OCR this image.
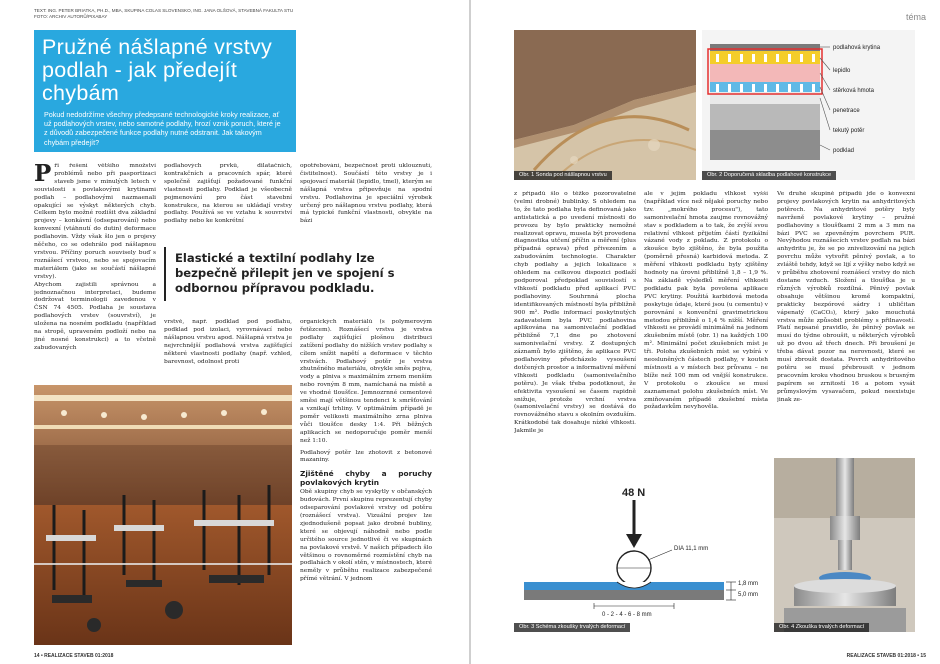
TEXT: ING. PETER BRIATKA, PH.D., MBA, SKUPINA COLAS SLOVENSKO, ING. JANA OLŠOVÁ, STAVEBNÁ FAKULTA STU
FOTO: ARCHIV AUTORŮ/PIXABAY
Pružné nášlapné vrstvy podlah - jak předejít chybám

Pokud nedodržíme všechny předepsané technologické kroky realizace, ať už podlahových vrstev, nebo samotné podlahy, hrozí vznik poruch, které je z důvodů zabezpečené funkce podlahy nutné odstranit. Jak takovým chybám předejít?

Při řešení většího množství problémů nebo při pasportizaci staveb jsme v minulých letech v souvislosti s povlakovými krytinami podlah – podlahovými nazmaenali opakující se výskyt některých chyb. Celkem bylo možné rozlišit dva základní projevy – konkávní (odseparování) nebo konvexní (vtáhnutí do dutin) deformace podlahovin. Vždy však šlo jen o projevy něčeho, co se odehrálo pod nášlapnou vrstvou. Příčiny poruch souvisely buď s roznášecí vrstvou, nebo se spojovacím materiálem (jako se součástí nášlapné vrstvy).
Abychom zajistili správnou a jednoznačnou interpretaci, budeme dodržovat terminologii zavedenou v ČSN 74 4505. Podlaha je soustava podlahových vrstev (souvrství), je uložena na nosném podkladu (například na stropě, upraveném podloží nebo na jiné nosné konstrukci) a to včetně zabudovaných
podlahových prvků, dilatačních, kontrakčních a pracovních spár, které společně zajišťují požadované funkční vlastnosti podlahy. Podklad je všeobecně pojmenování pro část stavební konstrukce, na kterou se ukládají vrstvy podlahy. Používá se ve vztahu k souvrství podlahy nebo ke konkrétní
opotřebování, bezpečnost proti uklouznutí, čistitelnost). Součástí této vrstvy je i spojovací materiál (lepidlo, tmel), kterým se nášlapná vrstva připevňuje na spodní vrstvu. Podlahovina je speciální výrobek určený pro nášlapnou vrstvu podlahy, která má typické funkční vlastnosti, obvykle na bázi
Elastické a textilní podlahy lze bezpečně přilepit jen ve spojení s odbornou přípravou podkladu.
vrstvě, např. podklad pod podlahu, podklad pod izolaci, vyrovnávací nebo nášlapnou vrstvu apod. Nášlapná vrstva je nejvrchnější podlahová vrstva zajišťující některé vlastnosti podlahy (např. vzhled, barevnost, odolnost proti
organických materiálů (s polymerovým řetězcem). Roznášecí vrstva je vrstva podlahy zajišťující plošnou distribuci zatížení podlahy do nižších vrstev podlahy s cílem snížit napětí a deformace v těchto vrstvách. Podlahový potěr je vrstva zhutněného materiálu, obvykle směs pojiva, vody a plniva s maximálním zrnem menším nebo rovným 8 mm, namíchaná na místě a ve vhodné tloušťce. Jemnozrnné cementové směsi mají většinou tendenci k smršťování a vznikají trhliny. V optimálním případě je poměr velikosti maximálního zrna plniva vůči tloušťce desky 1:4. Při běžných aplikacích se nedoporučuje poměr menší než 1:10.
Podlahový potěr lze zhotovit z betonové mazaniny.
Zjištěné chyby a poruchy povlakových krytin
Obě skupiny chyb se vyskytly v občanských budovách. První skupinu reprezentují chyby odseparování povlakové vrstvy od potěru (roznášecí vrstva). Vizuální projev lze zjednodušeně popsat jako drobné bubliny, které se objevují náhodně nebo podle určitého source jednotlivé či ve skupinách na povlakové vrstvě. V našich případech šlo většinou o rovnoměrné rozmístění chyb na podlahách v okolí stěn, v místnostech, které neměly v průběhu realizace zabezpečené přímé větrání. V jednom
14 • REALIZACE STAVEB 01:2018
téma
Obr. 1 Sonda pod nášlapnou vrstvu
podlahová krytina
lepidlo
stěrková hmota
penetrace
tekutý potěr
podklad
Obr. 2 Doporučená skladba podlahové konstrukce
z případů šlo o těžko pozorovatelné (velmi drobné) bublinky. S ohledem na to, že tato podlaha byla definovaná jako antistatická a po uvedení místnosti do provozu by bylo prakticky nemožné realizovat opravu, musela být provedena diagnostika utčení příčin a měření (plus případná oprava) před přivezením a zabudováním technologie. Charakter chyb podlahy a jejich lokalizace s ohledem na celkovou dispozici podlaží podporoval předpoklad souvislostí s vlhkostí podkladu před aplikací PVC podlahoviny. Souhrnná plocha identifikovaných místností byla přibližně 900 m². Podle informací poskytnutých zadavatelem byla PVC podlahovina aplikována na samonivelační podklad přibližně 7,1 dne po zhotovení samonivelační vrstvy. Z dostupných záznamů bylo zjištěno, že aplikace PVC podlahoviny předcházelo vysoušení dotčených prostor a informativní měření vlhkosti podkladu (samonivelačního potěru). Je však třeba podotknout, že efektivita vysoušení se časem rapidně snižuje, protože vrchní vrstva (samonivelační vrstvy) se dostává do rovnovážného stavu s okolním ovzduším. Krátkodobé tak dosahuje nízké vlhkosti. Jakmile je
ale v jejím pokladu vlhkost vyšší (například více než nějaké poruchy nebo tzv. „mokrého procesu"), tato samonivelační hmota zaujme rovnovážný stav s podkladem a to tak, že zvýší svou relativní vlhkost přijetím částí fyzikální vázané vody z pokladu. Z protokolu o zkoušce bylo zjištěno, že byla použita (poměrně přesná) karbidová metoda. Z měření vlhkosti podkladu byly zjištěny hodnoty na úrovni přibližně 1,8 – 1,9 %. Na základě výsledků měření vlhkosti podkladu pak byla povolena aplikace PVC krytiny. Použitá karbidová metoda poskytuje údaje, které jsou (u cementu) v porovnání s konvenční gravimetrickou metodou přibližně o 1,4 % nižší. Měření vlhkosti se provádí minimálně na jednom zkušebním místě (obr. 1) na každých 100 m². Minimální počet zkušebních míst je tři. Poloha zkušebních míst se vybírá v neosluněných částech podlahy, v kouteh místnosti a v místech bez průvanu – ne blíže než 100 mm od vnější konstrukce. V protokolu o zkoušce se musí zaznamenat polohu zkušebních míst. Ve zmiňovaném případě zkušební místa požadavkům nevyhověla.
Ve druhé skupině případů jde o konvexní projevy povlakových krytin na anhydritových potěrech. Na anhydritové potěry byly navrženě povlakové krytiny – pružné podlahoviny s tloušťkami 2 mm a 3 mm na bázi PVC se zpevněným povrchem PUR. Nevýhodou roznášecích vrstev podlah na bázi anhydritu je, že se po znivelizování na jejich povrchu může vytvořit pěnivý povlak, a to zvláště tehdy, když se lijí z výšky nebo když se v průběhu zhotovení roznášecí vrstvy do nich dostane vzduch. Složení a tloušťka je u různých výrobků rozdílná. Pěnivý povlak obsahuje většinou kromě kompaktní, prakticky bezpórové sádry i ubličitan vápenatý (CaCO₃), který jako mouchutá vrstva může způsobit problémy s přilnavostí. Platí nepsané pravidlo, že pěnivý povlak se musí do týdne obroušit, u některých výrobků už po dvou až třech dnech. Při broušení je třeba dávat pozor na nerovnosti, které se musí zbroušt dostata. Povrch anhydritového potěru se musí přebrousit v jednom pracovním kroku vhodnou bruskou s brusným papírem se zrnitostí 16 a potom vysát průmyslovým vysavačem, pokud neexistuje jinak ze-
48 N
DIA 11,1 mm
1,8 mm
5,0 mm
0 - 2 - 4 - 6 - 8 mm
Obr. 3 Schéma zkoušky trvalých deformací	Obr. 4 Zkouška trvalých deformací
REALIZACE STAVEB 01:2018 • 15
